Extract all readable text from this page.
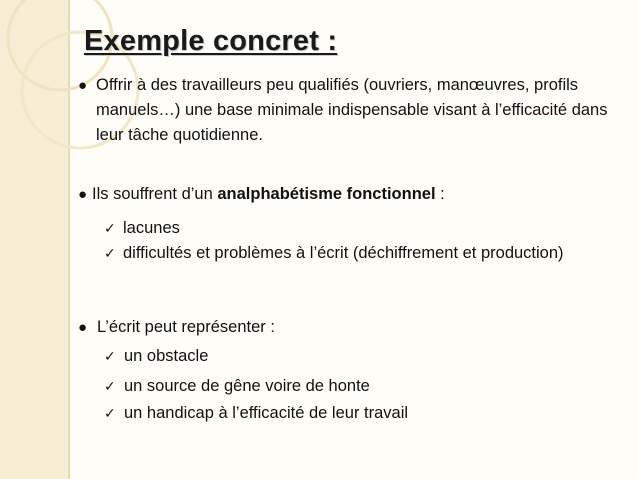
Exemple concret :
● Offrir à des travailleurs peu qualifiés (ouvriers, manœuvres, profils manuels…) une base minimale indispensable visant à l’efficacité dans leur tâche quotidienne.
● Ils souffrent d’un analphabétisme fonctionnel :
✓ lacunes
✓ difficultés et problèmes à l’écrit (déchiffrement et production)
● L’écrit peut représenter :
✓ un obstacle
✓ un source de gêne voire de honte
✓ un handicap à l’efficacité de leur travail
